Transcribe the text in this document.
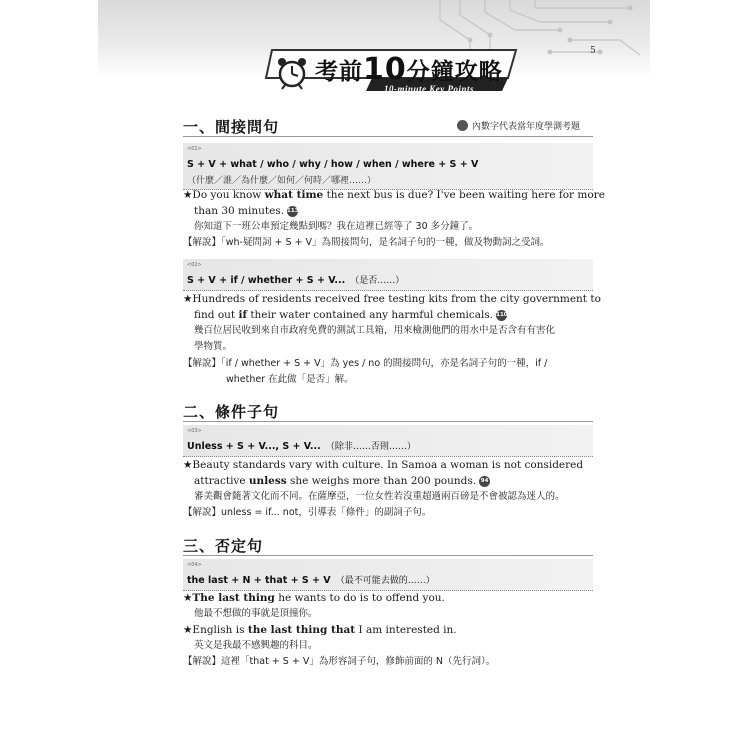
5
考前10分鐘攻略
10-minute Key Points
一、間接問句	內數字代表當年度學測考題
<01>
S + V + what / who / why / how / when / where + S + V
（什麼／誰／為什麼／如何／何時／哪裡……）
★Do you know what time the next bus is due? I've been waiting here for more
than 30 minutes. 113
你知道下一班公車預定幾點到嗎？我在這裡已經等了 30 多分鐘了。
【解說】「wh-疑問詞 + S + V」為間接問句，是名詞子句的一種，做及物動詞之受詞。
<02>
S + V + if / whether + S + V... （是否……）
★Hundreds of residents received free testing kits from the city government to
find out if their water contained any harmful chemicals. 110
幾百位居民收到來自市政府免費的測試工具箱，用來檢測他們的用水中是否含有有害化
學物質。
【解說】「if / whether + S + V」為 yes / no 的間接問句，亦是名詞子句的一種，if /
whether 在此做「是否」解。
二、條件子句
<03>
Unless + S + V..., S + V... （除非……否則……）
★Beauty standards vary with culture. In Samoa a woman is not considered
attractive unless she weighs more than 200 pounds. 94
審美觀會隨著文化而不同。在薩摩亞，一位女性若沒重超過兩百磅是不會被認為迷人的。
【解說】unless = if... not，引導表「條件」的副詞子句。
三、否定句
<04>
the last + N + that + S + V （最不可能去做的……）
★The last thing he wants to do is to offend you.
他最不想做的事就是頂撞你。
★English is the last thing that I am interested in.
英文是我最不感興趣的科目。
【解說】這裡「that + S + V」為形容詞子句，修飾前面的 N（先行詞）。
